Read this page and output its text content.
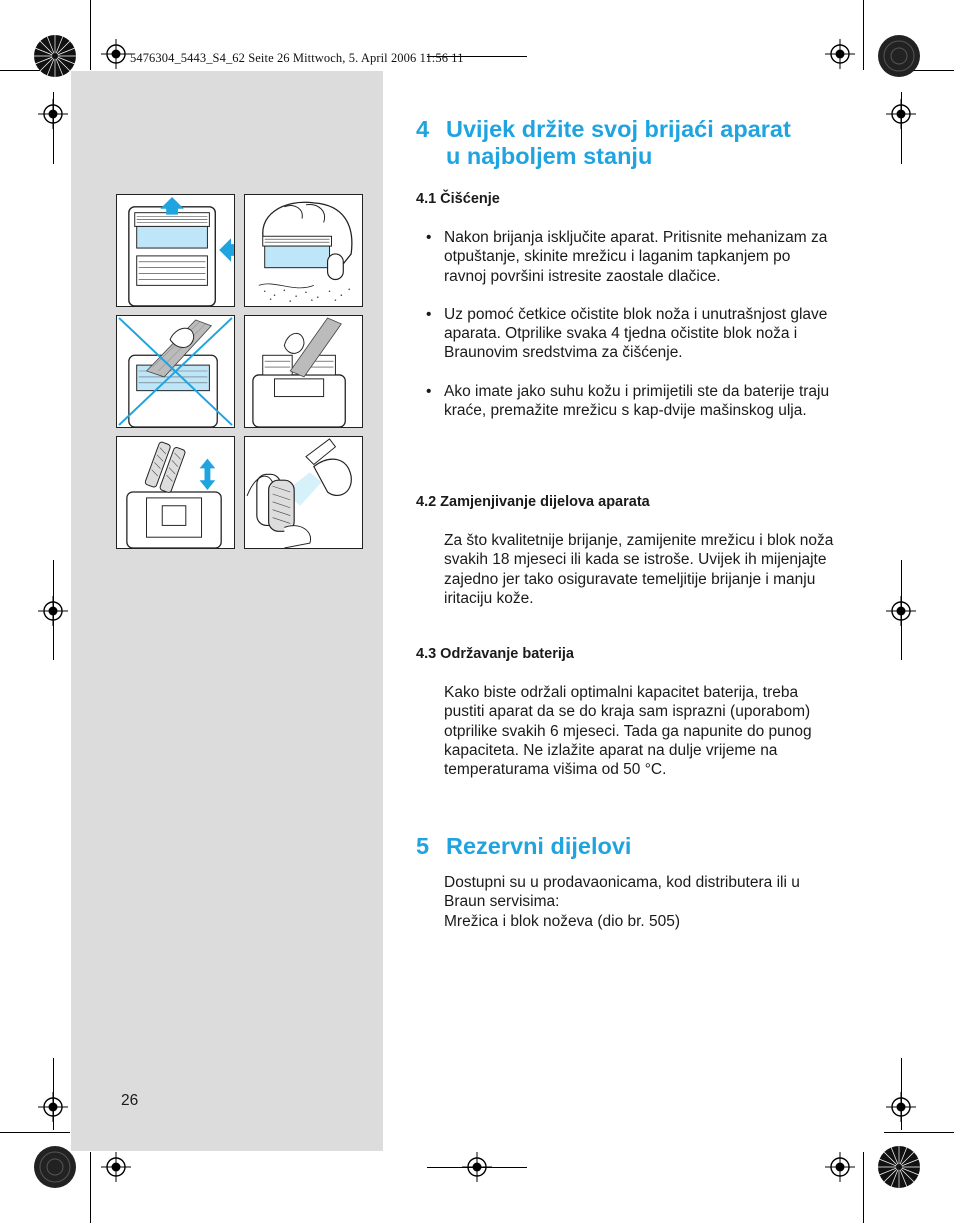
5476304_5443_S4_62 Seite 26 Mittwoch, 5. April 2006 11:56 11
4 Uvijek držite svoj brijaći aparat
u najboljem stanju
4.1 Čišćenje
• Nakon brijanja isključite aparat. Pritisnite mehanizam za otpuštanje, skinite mrežicu i laganim tapkanjem po ravnoj površini istresite zaostale dlačice.
• Uz pomoć četkice očistite blok noža i unutrašnjost glave aparata. Otprilike svaka 4 tjedna očistite blok noža i Braunovim sredstvima za čišćenje.
• Ako imate jako suhu kožu i primijetili ste da baterije traju kraće, premažite mrežicu s kap-dvije mašinskog ulja.
4.2 Zamjenjivanje dijelova aparata

Za što kvalitetnije brijanje, zamijenite mrežicu i blok noža svakih 18 mjeseci ili kada se istroše. Uvijek ih mijenjajte zajedno jer tako osiguravate temeljitije brijanje i manju iritaciju kože.

4.3 Održavanje baterija

Kako biste održali optimalni kapacitet baterija, treba pustiti aparat da se do kraja sam isprazni (uporabom) otprilike svakih 6 mjeseci. Tada ga napunite do punog kapaciteta. Ne izlažite aparat na dulje vrijeme na temperaturama višima od 50 °C.

5 Rezervni dijelovi

Dostupni su u prodavaonicama, kod distributera ili u Braun servisima:
Mrežica i blok noževa (dio br. 505)

26
